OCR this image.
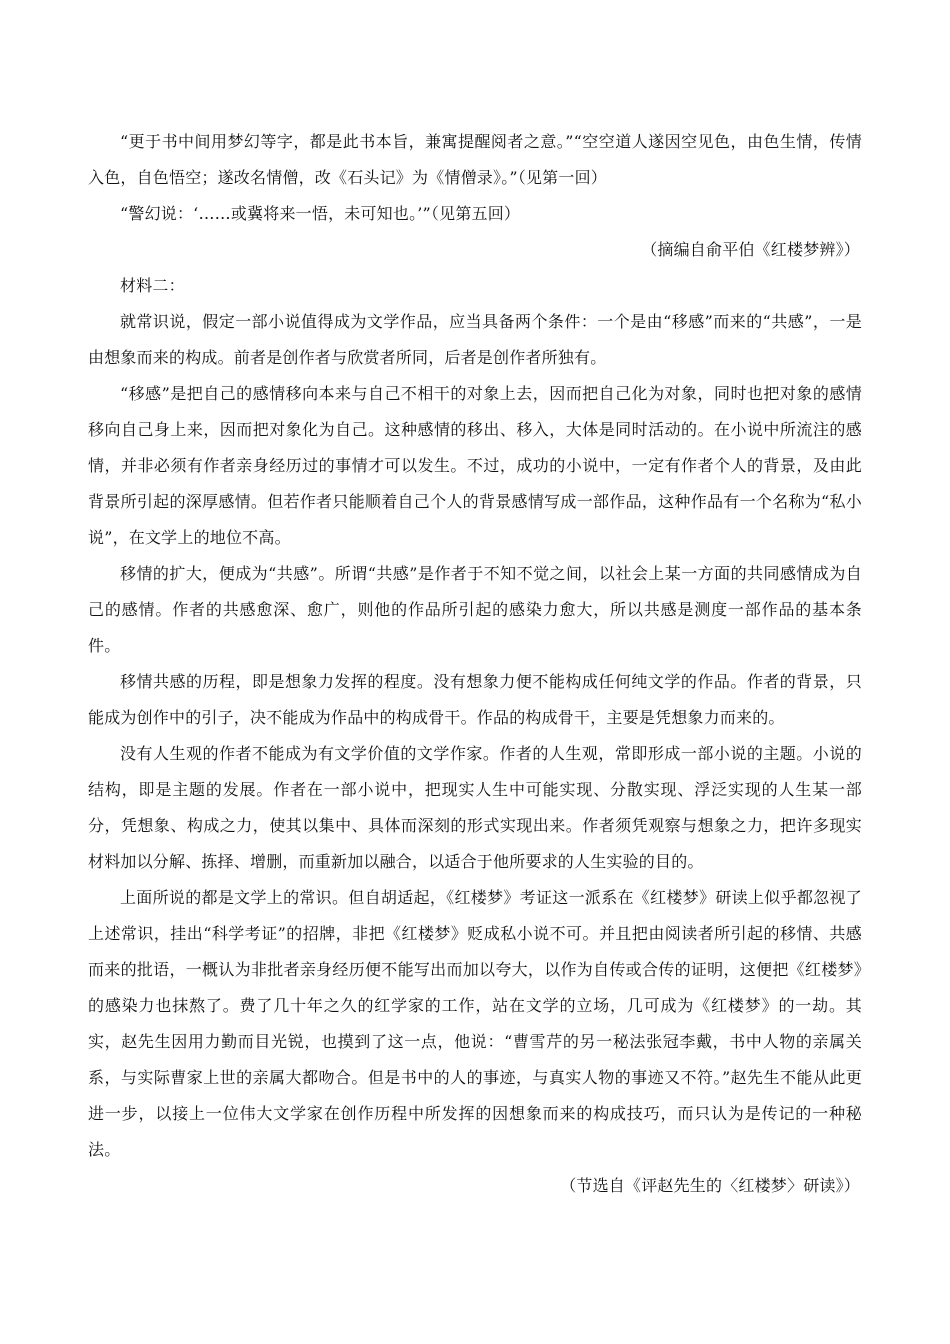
“更于书中间用梦幻等字，都是此书本旨，兼寓提醒阅者之意。”“空空道人遂因空见色，由色生情，传情入色，自色悟空；遂改名情僧，改《石头记》为《情僧录》。”（见第一回）

“警幻说：‘……或冀将来一悟，未可知也。’”（见第五回）

（摘编自俞平伯《红楼梦辨》）

材料二：

就常识说，假定一部小说值得成为文学作品，应当具备两个条件：一个是由“移感”而来的“共感”，一是由想象而来的构成。前者是创作者与欣赏者所同，后者是创作者所独有。

“移感”是把自己的感情移向本来与自己不相干的对象上去，因而把自己化为对象，同时也把对象的感情移向自己身上来，因而把对象化为自己。这种感情的移出、移入，大体是同时活动的。在小说中所流注的感情，并非必须有作者亲身经历过的事情才可以发生。不过，成功的小说中，一定有作者个人的背景，及由此背景所引起的深厚感情。但若作者只能顺着自己个人的背景感情写成一部作品，这种作品有一个名称为“私小说”，在文学上的地位不高。

移情的扩大，便成为“共感”。所谓“共感”是作者于不知不觉之间，以社会上某一方面的共同感情成为自己的感情。作者的共感愈深、愈广，则他的作品所引起的感染力愈大，所以共感是测度一部作品的基本条件。

移情共感的历程，即是想象力发挥的程度。没有想象力便不能构成任何纯文学的作品。作者的背景，只能成为创作中的引子，决不能成为作品中的构成骨干。作品的构成骨干，主要是凭想象力而来的。

没有人生观的作者不能成为有文学价值的文学作家。作者的人生观，常即形成一部小说的主题。小说的结构，即是主题的发展。作者在一部小说中，把现实人生中可能实现、分散实现、浮泛实现的人生某一部分，凭想象、构成之力，使其以集中、具体而深刻的形式实现出来。作者须凭观察与想象之力，把许多现实材料加以分解、拣择、增删，而重新加以融合，以适合于他所要求的人生实验的目的。

上面所说的都是文学上的常识。但自胡适起，《红楼梦》考证这一派系在《红楼梦》研读上似乎都忽视了上述常识，挂出“科学考证”的招牌，非把《红楼梦》贬成私小说不可。并且把由阅读者所引起的移情、共感而来的批语，一概认为非批者亲身经历便不能写出而加以夸大，以作为自传或合传的证明，这便把《红楼梦》的感染力也抹熬了。费了几十年之久的红学家的工作，站在文学的立场，几可成为《红楼梦》的一劫。其实，赵先生因用力勤而目光锐，也摸到了这一点，他说：“曹雪芹的另一秘法张冠李戴，书中人物的亲属关系，与实际曹家上世的亲属大都吻合。但是书中的人的事迹，与真实人物的事迹又不符。”赵先生不能从此更进一步，以接上一位伟大文学家在创作历程中所发挥的因想象而来的构成技巧，而只认为是传记的一种秘法。

（节选自《评赵先生的〈红楼梦〉研读》）
